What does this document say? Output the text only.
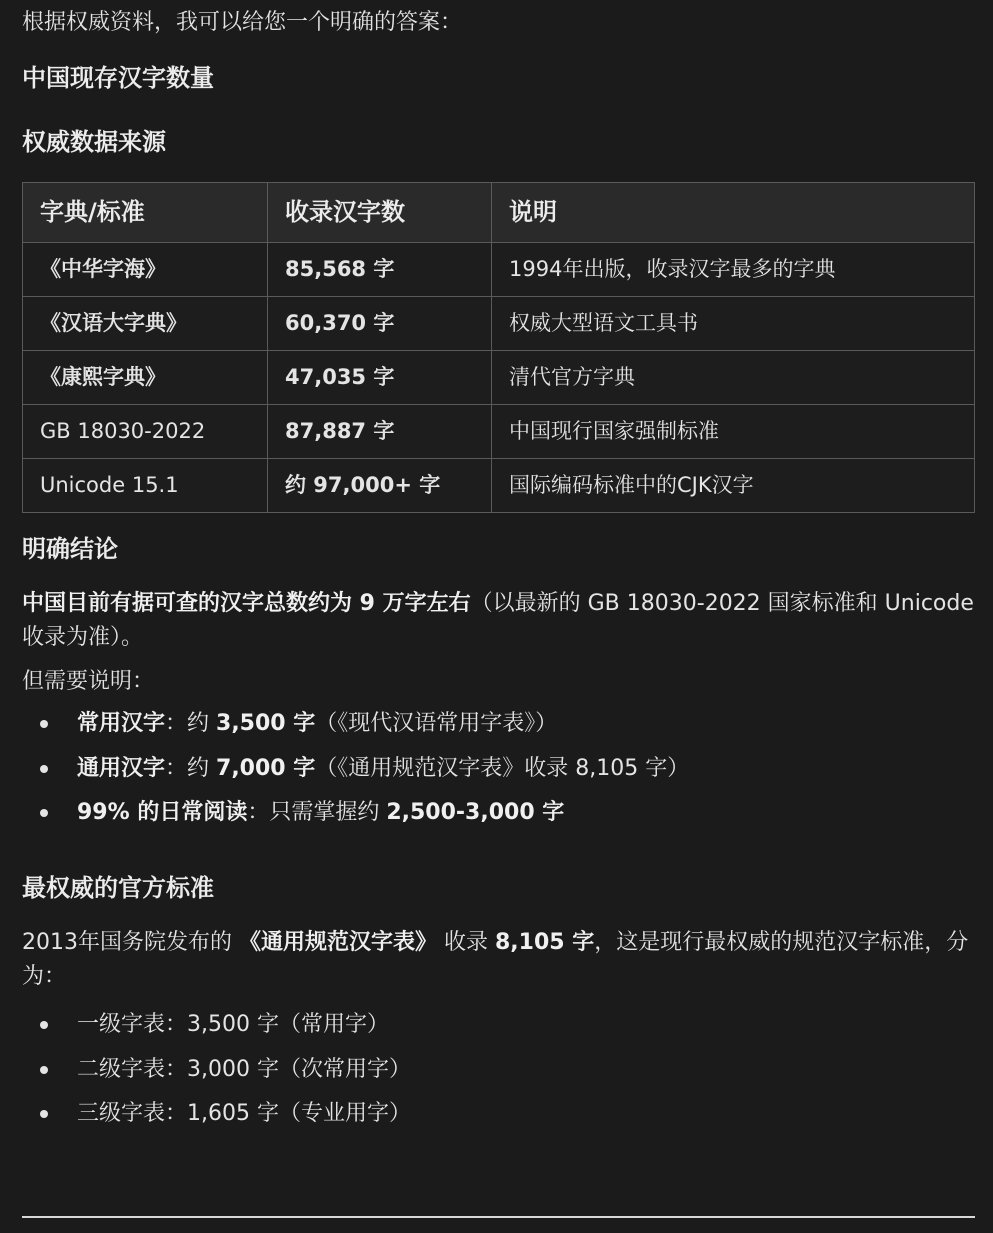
根据权威资料，我可以给您一个明确的答案：

中国现存汉字数量
权威数据来源
字典/标准	收录汉字数	说明
《中华字海》	85,568 字	1994年出版，收录汉字最多的字典
《汉语大字典》	60,370 字	权威大型语文工具书
《康熙字典》	47,035 字	清代官方字典
GB 18030-2022	87,887 字	中国现行国家强制标准
Unicode 15.1	约 97,000+ 字	国际编码标准中的CJK汉字
明确结论

中国目前有据可查的汉字总数约为 9 万字左右（以最新的 GB 18030-2022 国家标准和 Unicode 收录为准）。

但需要说明：

常用汉字：约 3,500 字（《现代汉语常用字表》）
通用汉字：约 7,000 字（《通用规范汉字表》收录 8,105 字）
99% 的日常阅读：只需掌握约 2,500-3,000 字
最权威的官方标准

2013年国务院发布的 《通用规范汉字表》 收录 8,105 字，这是现行最权威的规范汉字标准，分为：

一级字表：3,500 字（常用字）
二级字表：3,000 字（次常用字）
三级字表：1,605 字（专业用字）
